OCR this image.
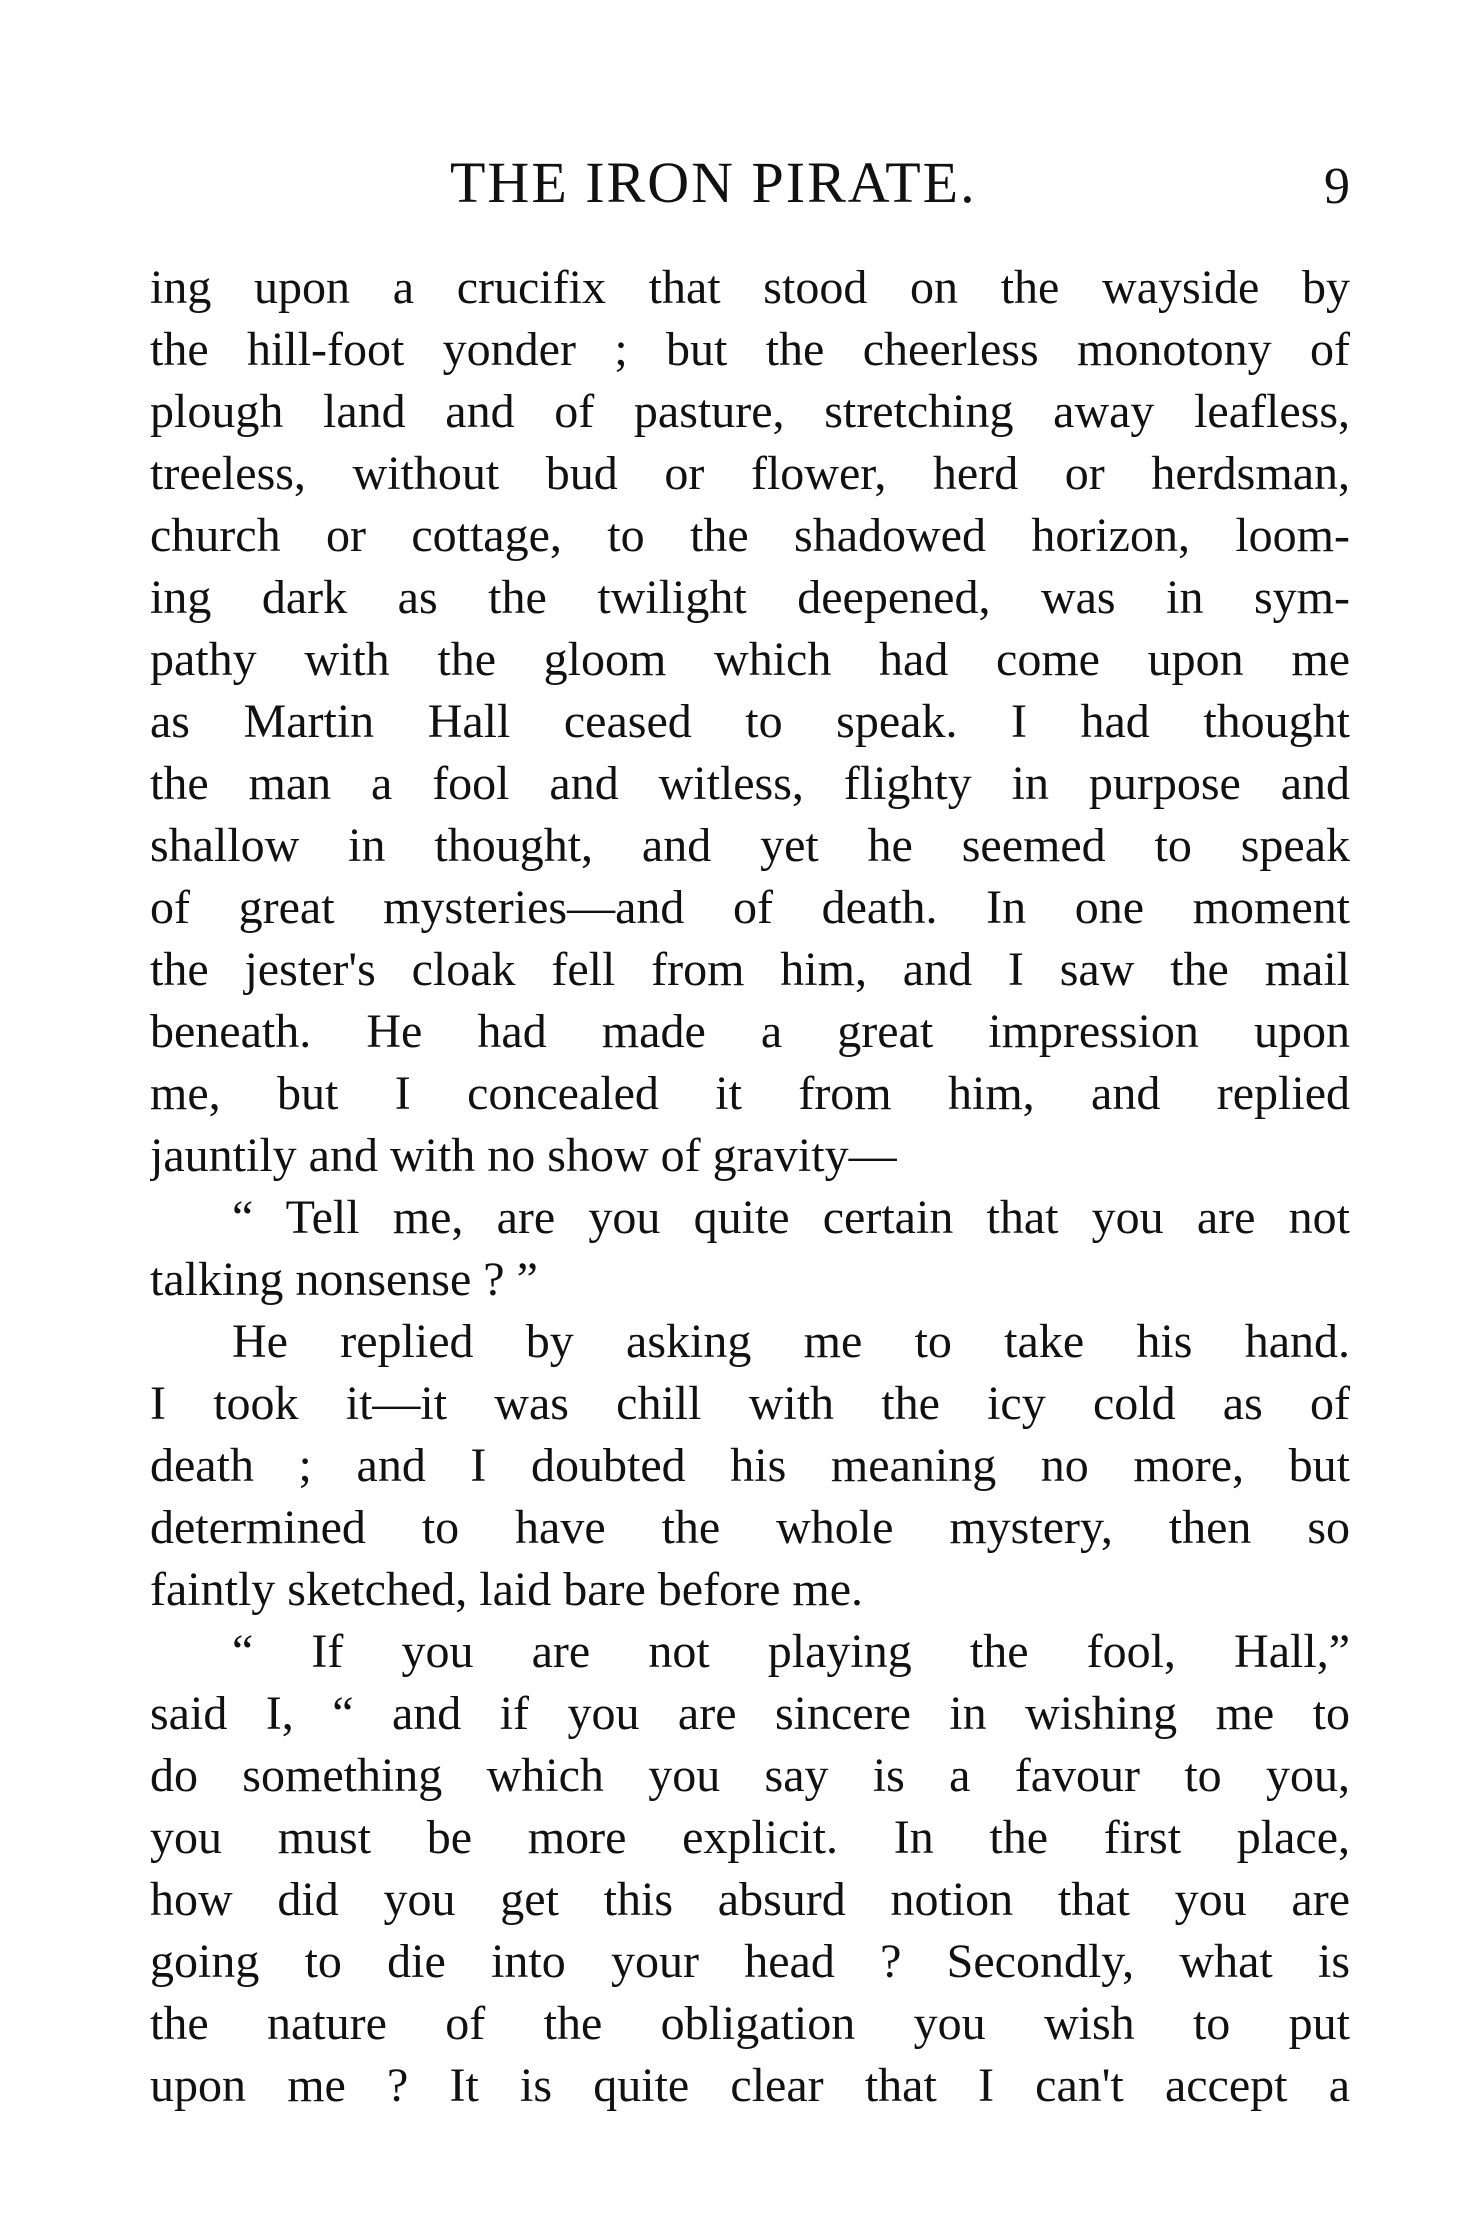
THE IRON PIRATE.	9
ing upon a crucifix that stood on the wayside by
the hill-foot yonder ; but the cheerless monotony of
plough land and of pasture, stretching away leafless,
treeless, without bud or flower, herd or herdsman,
church or cottage, to the shadowed horizon, loom-
ing dark as the twilight deepened, was in sym-
pathy with the gloom which had come upon me
as Martin Hall ceased to speak. I had thought
the man a fool and witless, flighty in purpose and
shallow in thought, and yet he seemed to speak
of great mysteries—and of death. In one moment
the jester's cloak fell from him, and I saw the mail
beneath. He had made a great impression upon
me, but I concealed it from him, and replied
jauntily and with no show of gravity—
“ Tell me, are you quite certain that you are not
talking nonsense ? ”
He replied by asking me to take his hand.
I took it—it was chill with the icy cold as of
death ; and I doubted his meaning no more, but
determined to have the whole mystery, then so
faintly sketched, laid bare before me.
“ If you are not playing the fool, Hall,”
said I, “ and if you are sincere in wishing me to
do something which you say is a favour to you,
you must be more explicit. In the first place,
how did you get this absurd notion that you are
going to die into your head ? Secondly, what is
the nature of the obligation you wish to put
upon me ? It is quite clear that I can't accept a
